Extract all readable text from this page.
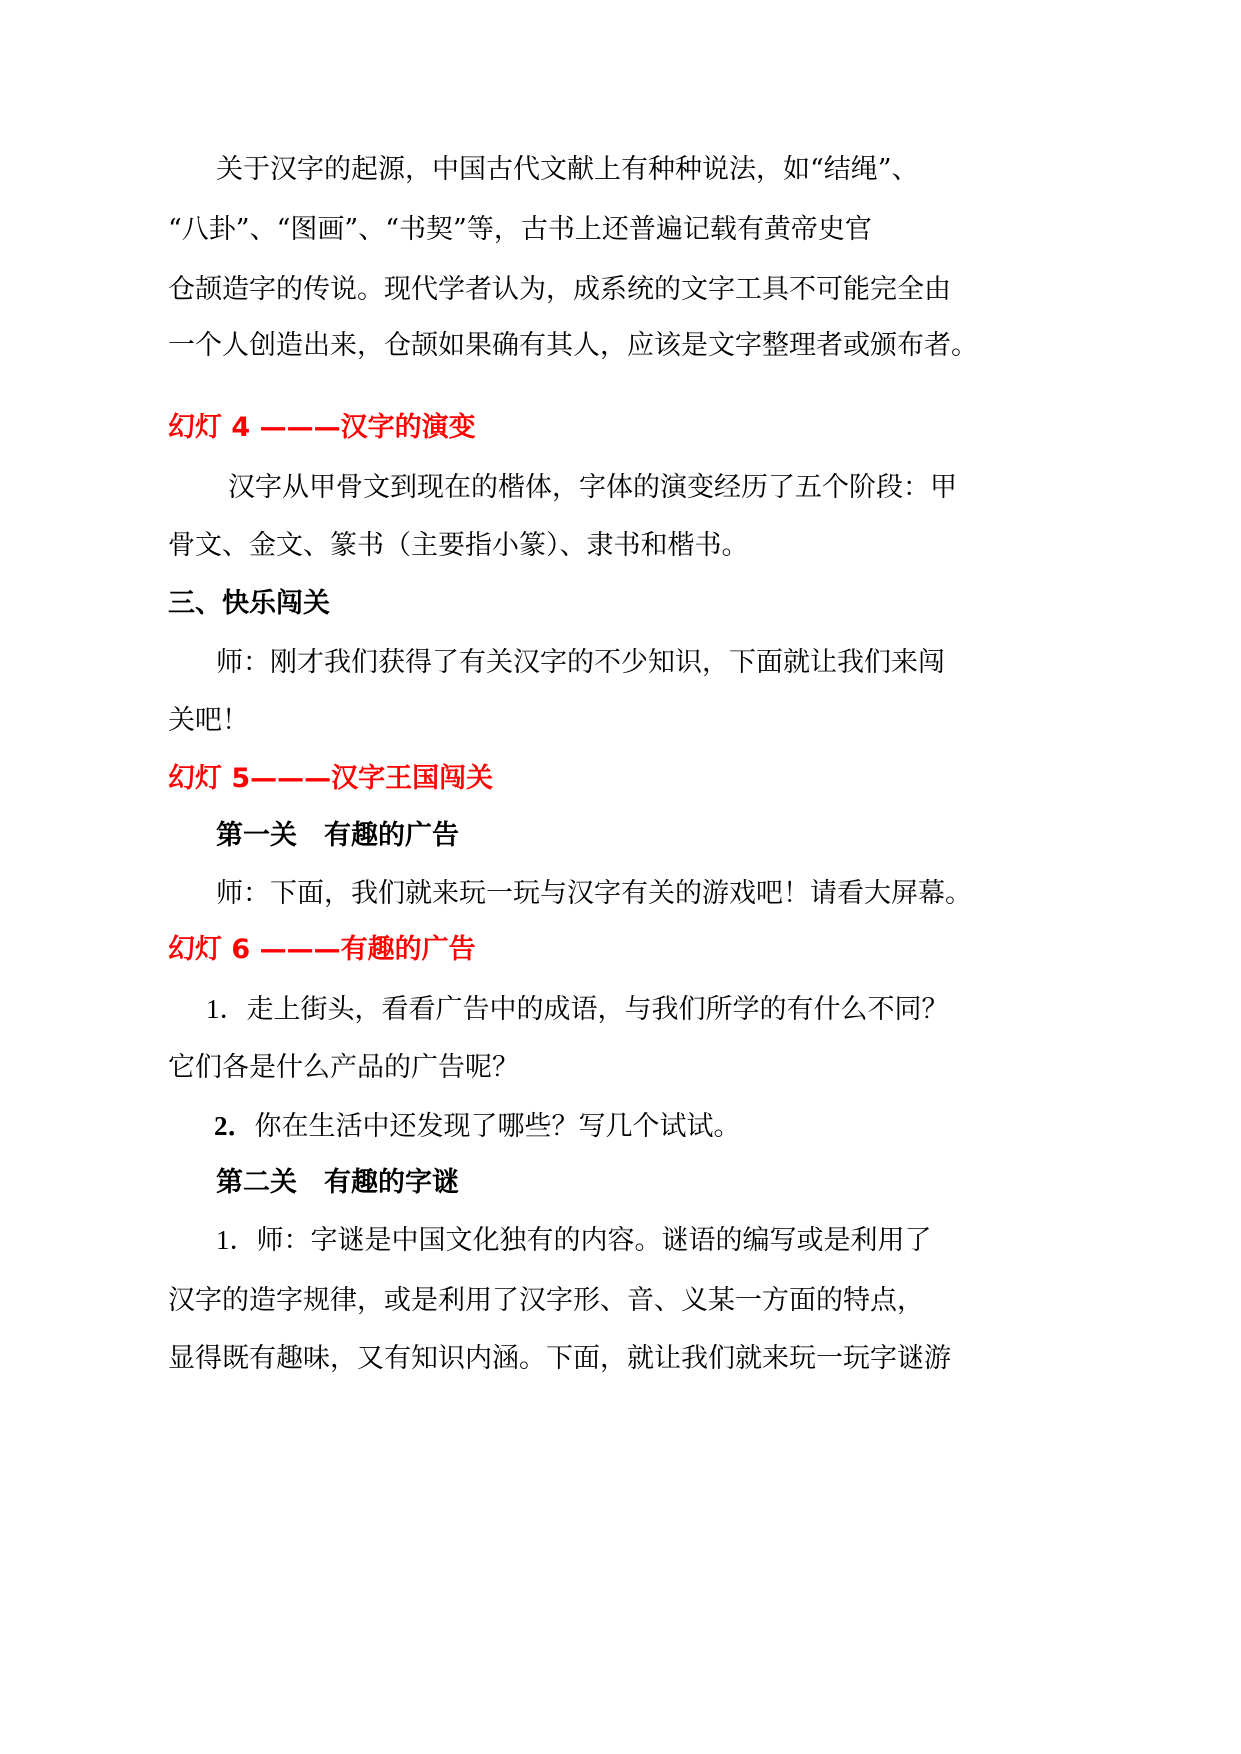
关于汉字的起源，中国古代文献上有种种说法，如“结绳”、
“八卦”、“图画”、“书契”等，古书上还普遍记载有黄帝史官
仓颉造字的传说。现代学者认为，成系统的文字工具不可能完全由
一个人创造出来，仓颉如果确有其人，应该是文字整理者或颁布者。
幻灯 4 ———汉字的演变
汉字从甲骨文到现在的楷体，字体的演变经历了五个阶段：甲
骨文、金文、篆书（主要指小篆）、隶书和楷书。
三、快乐闯关
师：刚才我们获得了有关汉字的不少知识，下面就让我们来闯
关吧！
幻灯 5———汉字王国闯关
第一关　有趣的广告
师：下面，我们就来玩一玩与汉字有关的游戏吧！请看大屏幕。
幻灯 6 ———有趣的广告
1．走上街头，看看广告中的成语，与我们所学的有什么不同？
它们各是什么产品的广告呢？
2．你在生活中还发现了哪些？写几个试试。
第二关　有趣的字谜
1．师：字谜是中国文化独有的内容。谜语的编写或是利用了
汉字的造字规律，或是利用了汉字形、音、义某一方面的特点，
显得既有趣味，又有知识内涵。下面，就让我们就来玩一玩字谜游
